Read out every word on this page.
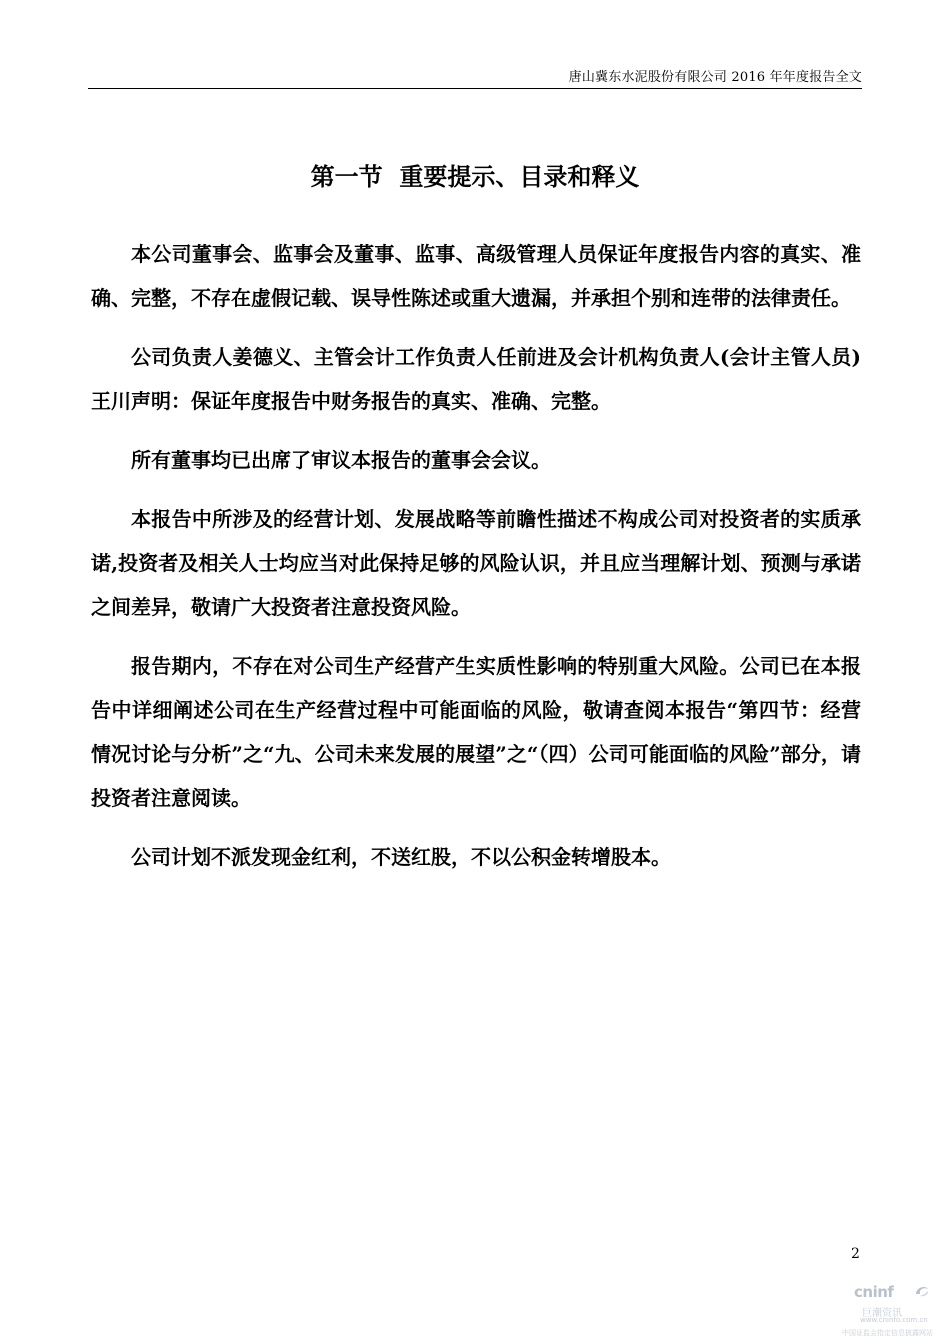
唐山冀东水泥股份有限公司 2016 年年度报告全文
第一节  重要提示、目录和释义

本公司董事会、监事会及董事、监事、高级管理人员保证年度报告内容的真实、准确、完整，不存在虚假记载、误导性陈述或重大遗漏，并承担个别和连带的法律责任。

公司负责人姜德义、主管会计工作负责人任前进及会计机构负责人(会计主管人员)王川声明：保证年度报告中财务报告的真实、准确、完整。

所有董事均已出席了审议本报告的董事会会议。

本报告中所涉及的经营计划、发展战略等前瞻性描述不构成公司对投资者的实质承诺,投资者及相关人士均应当对此保持足够的风险认识，并且应当理解计划、预测与承诺之间差异，敬请广大投资者注意投资风险。

报告期内，不存在对公司生产经营产生实质性影响的特别重大风险。公司已在本报告中详细阐述公司在生产经营过程中可能面临的风险，敬请查阅本报告“第四节：经营情况讨论与分析”之“九、公司未来发展的展望”之“（四）公司可能面临的风险”部分，请投资者注意阅读。

公司计划不派发现金红利，不送红股，不以公积金转增股本。

2
cninf
巨潮资讯
www.cninfo.com.cn
中国证监会指定信息披露网站
